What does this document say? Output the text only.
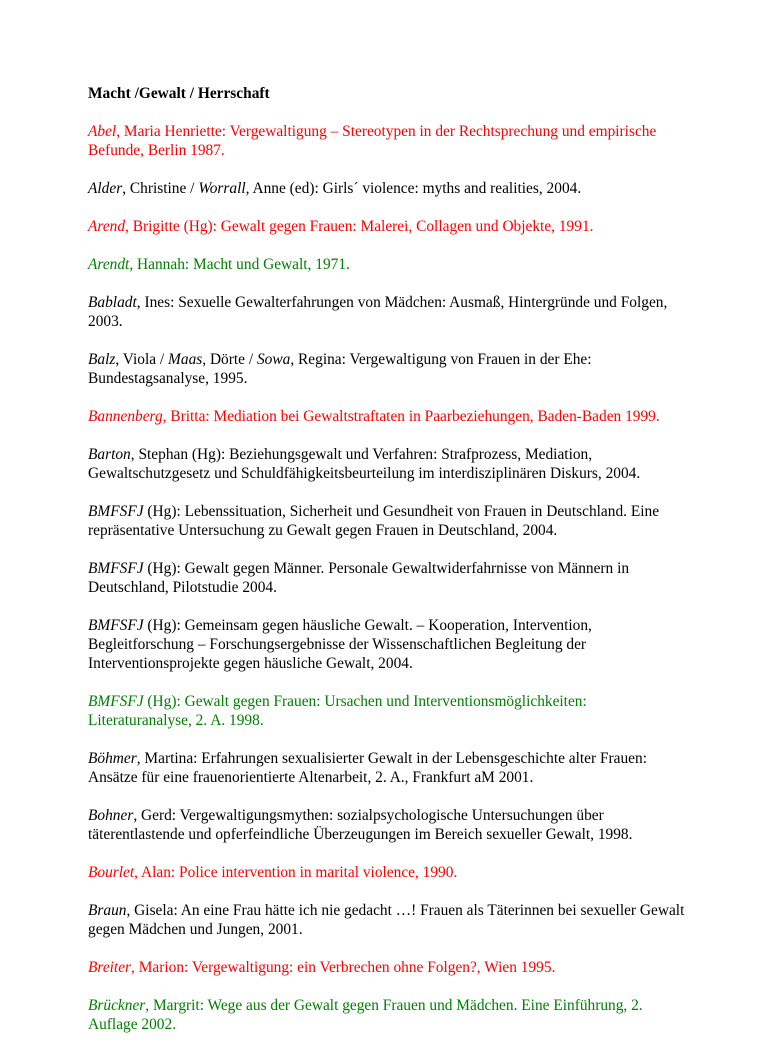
Macht /Gewalt / Herrschaft
Abel, Maria Henriette: Vergewaltigung – Stereotypen in der Rechtsprechung und empirische Befunde, Berlin 1987.
Alder, Christine / Worrall, Anne (ed): Girls´ violence: myths and realities, 2004.
Arend, Brigitte (Hg): Gewalt gegen Frauen: Malerei, Collagen und Objekte, 1991.
Arendt, Hannah: Macht und Gewalt, 1971.
Babladt, Ines: Sexuelle Gewalterfahrungen von Mädchen: Ausmaß, Hintergründe und Folgen, 2003.
Balz, Viola / Maas, Dörte / Sowa, Regina: Vergewaltigung von Frauen in der Ehe: Bundestagsanalyse, 1995.
Bannenberg, Britta: Mediation bei Gewaltstraftaten in Paarbeziehungen, Baden-Baden 1999.
Barton, Stephan (Hg): Beziehungsgewalt und Verfahren: Strafprozess, Mediation, Gewaltschutzgesetz und Schuldfähigkeitsbeurteilung im interdisziplinären Diskurs, 2004.
BMFSFJ (Hg): Lebenssituation, Sicherheit und Gesundheit von Frauen in Deutschland. Eine repräsentative Untersuchung zu Gewalt gegen Frauen in Deutschland, 2004.
BMFSFJ (Hg): Gewalt gegen Männer. Personale Gewaltwiderfahrnisse von Männern in Deutschland, Pilotstudie 2004.
BMFSFJ (Hg): Gemeinsam gegen häusliche Gewalt. – Kooperation, Intervention, Begleitforschung – Forschungsergebnisse der Wissenschaftlichen Begleitung der Interventionsprojekte gegen häusliche Gewalt, 2004.
BMFSFJ (Hg): Gewalt gegen Frauen: Ursachen und Interventionsmöglichkeiten: Literaturanalyse, 2. A. 1998.
Böhmer, Martina: Erfahrungen sexualisierter Gewalt in der Lebensgeschichte alter Frauen: Ansätze für eine frauenorientierte Altenarbeit, 2. A., Frankfurt aM 2001.
Bohner, Gerd: Vergewaltigungsmythen: sozialpsychologische Untersuchungen über täterentlastende und opferfeindliche Überzeugungen im Bereich sexueller Gewalt, 1998.
Bourlet, Alan: Police intervention in marital violence, 1990.
Braun, Gisela: An eine Frau hätte ich nie gedacht …! Frauen als Täterinnen bei sexueller Gewalt gegen Mädchen und Jungen, 2001.
Breiter, Marion: Vergewaltigung: ein Verbrechen ohne Folgen?, Wien 1995.
Brückner, Margrit: Wege aus der Gewalt gegen Frauen und Mädchen. Eine Einführung, 2. Auflage 2002.
